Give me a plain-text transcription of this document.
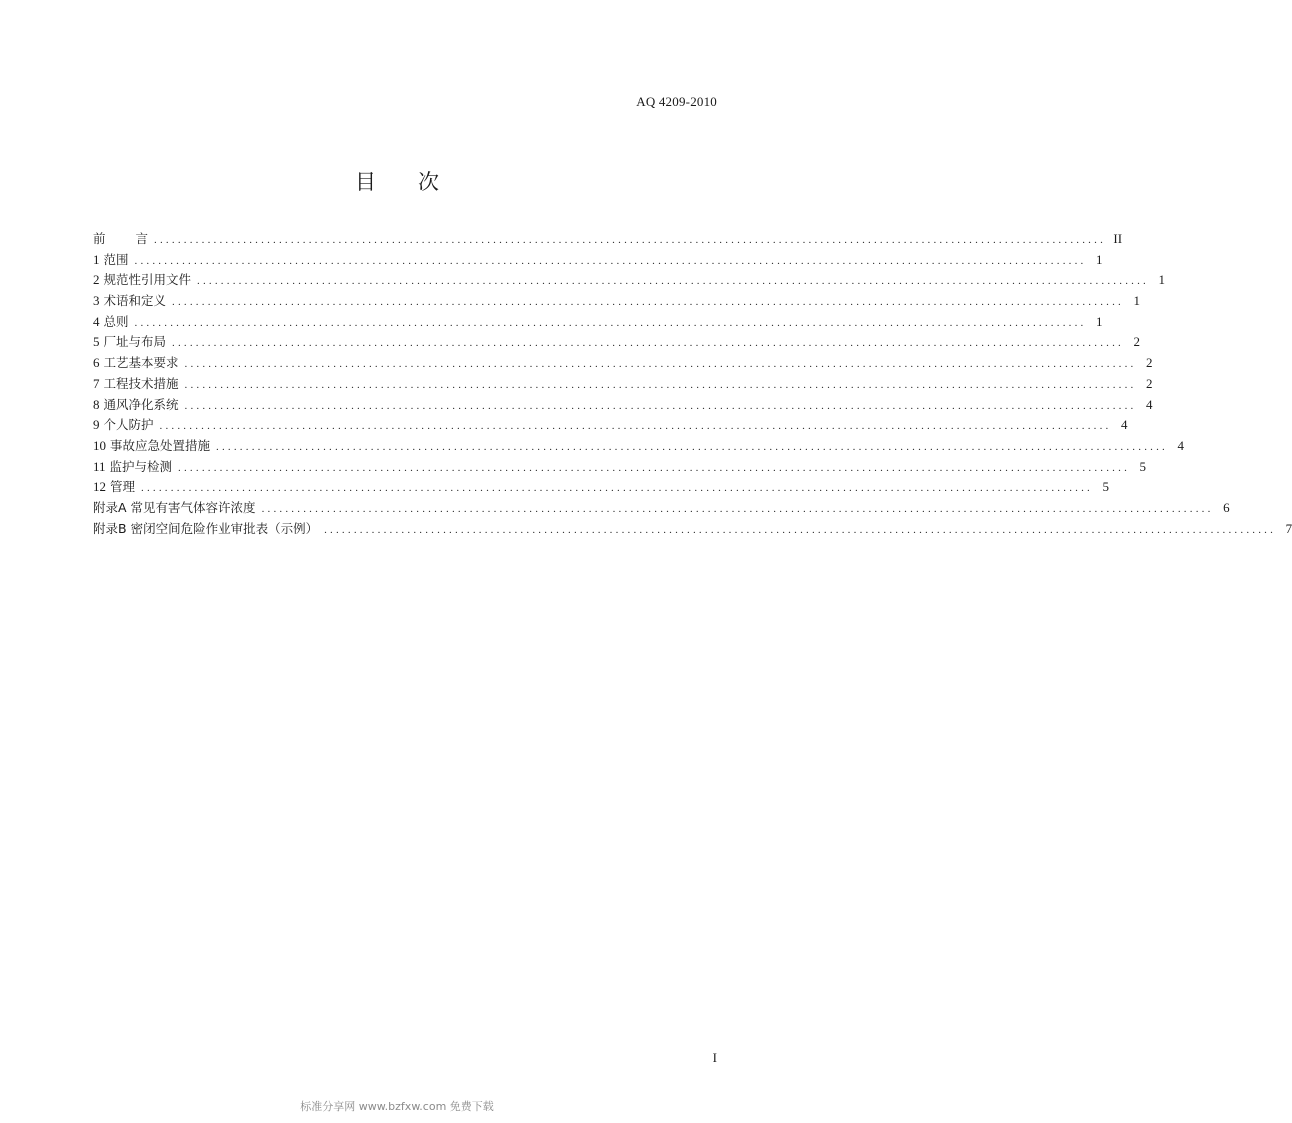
AQ 4209-2010
目 次
前 言 ................................................................................................................................................................ II
1 范围 ................................................................................................................................................................ 1
2 规范性引用文件 ................................................................................................................................................................ 1
3 术语和定义 ................................................................................................................................................................ 1
4 总则 ................................................................................................................................................................ 1
5 厂址与布局 ................................................................................................................................................................ 2
6 工艺基本要求 ................................................................................................................................................................ 2
7 工程技术措施 ................................................................................................................................................................ 2
8 通风净化系统 ................................................................................................................................................................ 4
9 个人防护 ................................................................................................................................................................ 4
10 事故应急处置措施 ................................................................................................................................................................ 4
11 监护与检测 ................................................................................................................................................................ 5
12 管理 ................................................................................................................................................................ 5
附录A 常见有害气体容许浓度 ................................................................................................................................................................ 6
附录B 密闭空间危险作业审批表（示例） ................................................................................................................................................................ 7
I
标准分享网 www.bzfxw.com 免费下载
